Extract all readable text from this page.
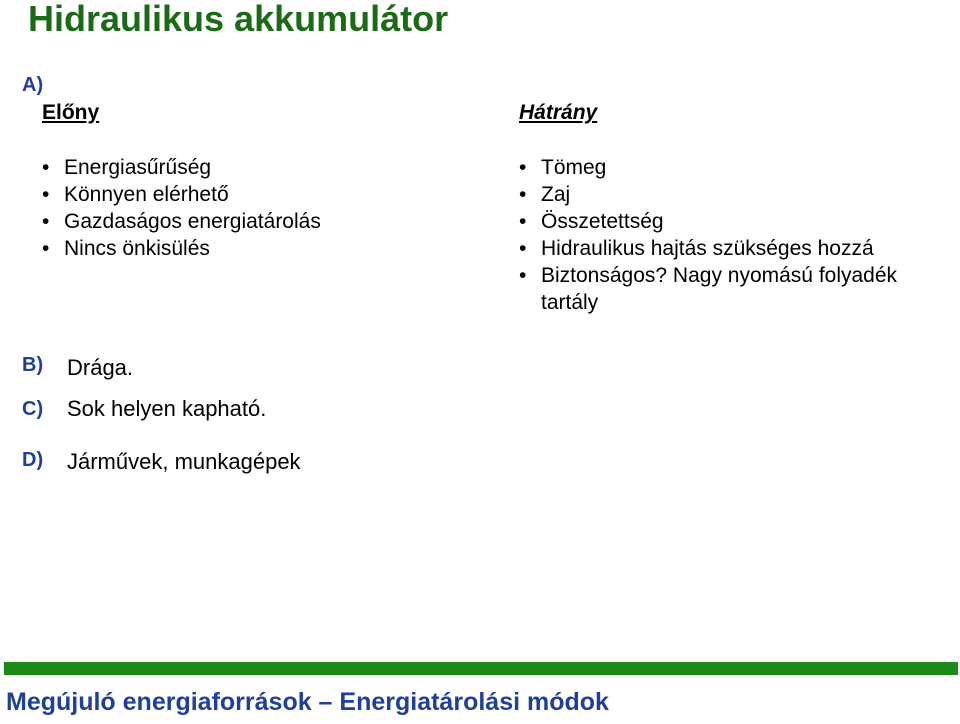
Hidraulikus akkumulátor
A)
Előny
• Energiasűrűség
• Könnyen elérhető
• Gazdaságos energiatárolás
• Nincs önkisülés
Hátrány
• Tömeg
• Zaj
• Összetettség
• Hidraulikus hajtás szükséges hozzá
• Biztonságos? Nagy nyomású folyadék tartály
B) Drága.
C) Sok helyen kapható.
D) Járművek, munkagépek
Megújuló energiaforrások – Energiatárolási módok
